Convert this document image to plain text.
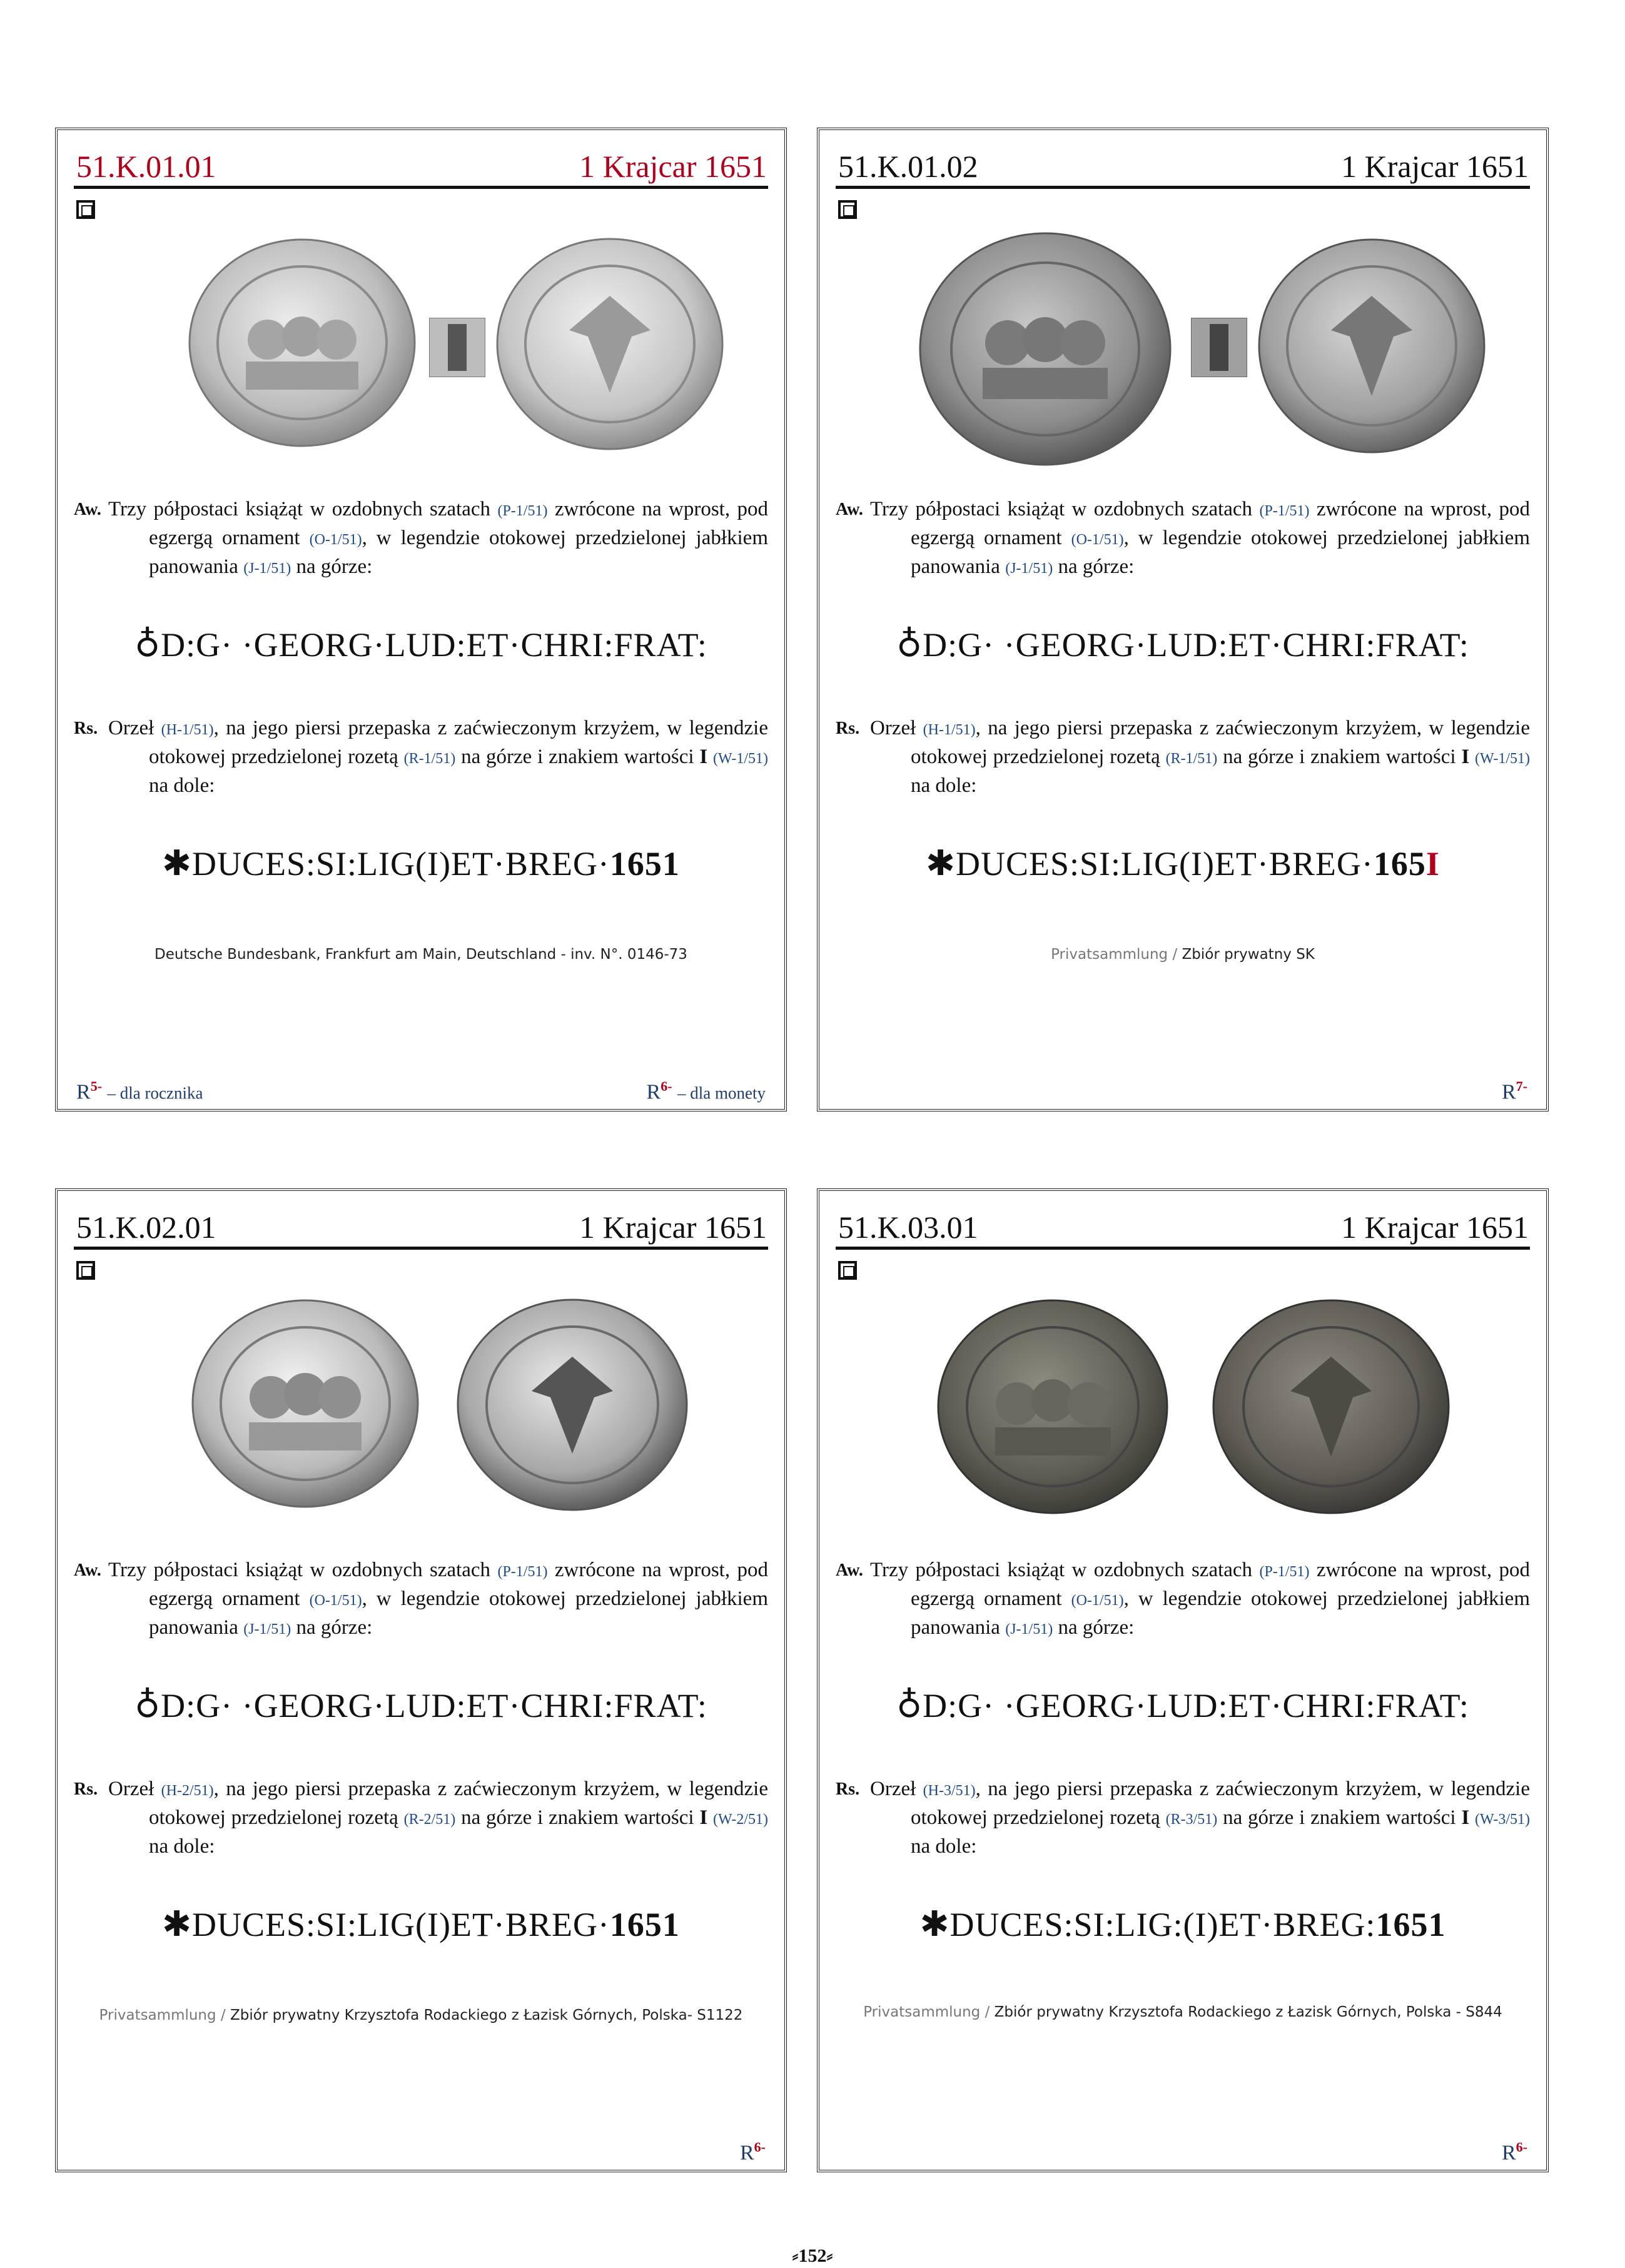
51.K.01.01	1 Krajcar 1651
Aw. Trzy półpostaci książąt w ozdobnych szatach (P-1/51) zwrócone na wprost, pod egzergą ornament (O-1/51), w legendzie otokowej przedzielonej jabłkiem panowania (J-1/51) na górze:
♁D:G· ·GEORG·LUD:ET·CHRI:FRAT:
Rs. Orzeł (H-1/51), na jego piersi przepaska z zaćwieczonym krzyżem, w legendzie otokowej przedzielonej rozetą (R-1/51) na górze i znakiem wartości I (W-1/51) na dole:
✱DUCES:SI:LIG(I)ET·BREG·1651
Deutsche Bundesbank, Frankfurt am Main, Deutschland - inv. N°. 0146-73
$R^{5-}$ – dla rocznika	$R^{6-}$ – dla monety
51.K.01.02	1 Krajcar 1651
Aw. Trzy półpostaci książąt w ozdobnych szatach (P-1/51) zwrócone na wprost, pod egzergą ornament (O-1/51), w legendzie otokowej przedzielonej jabłkiem panowania (J-1/51) na górze:
♁D:G· ·GEORG·LUD:ET·CHRI:FRAT:
Rs. Orzeł (H-1/51), na jego piersi przepaska z zaćwieczonym krzyżem, w legendzie otokowej przedzielonej rozetą (R-1/51) na górze i znakiem wartości I (W-1/51) na dole:
✱DUCES:SI:LIG(I)ET·BREG·165I
Privatsammlung / Zbiór prywatny SK
$R^{7-}$
51.K.02.01	1 Krajcar 1651
Aw. Trzy półpostaci książąt w ozdobnych szatach (P-1/51) zwrócone na wprost, pod egzergą ornament (O-1/51), w legendzie otokowej przedzielonej jabłkiem panowania (J-1/51) na górze:
♁D:G· ·GEORG·LUD:ET·CHRI:FRAT:
Rs. Orzeł (H-2/51), na jego piersi przepaska z zaćwieczonym krzyżem, w legendzie otokowej przedzielonej rozetą (R-2/51) na górze i znakiem wartości I (W-2/51) na dole:
✱DUCES:SI:LIG(I)ET·BREG·1651
Privatsammlung / Zbiór prywatny Krzysztofa Rodackiego z Łazisk Górnych, Polska- S1122
$R^{6-}$
51.K.03.01	1 Krajcar 1651
Aw. Trzy półpostaci książąt w ozdobnych szatach (P-1/51) zwrócone na wprost, pod egzergą ornament (O-1/51), w legendzie otokowej przedzielonej jabłkiem panowania (J-1/51) na górze:
♁D:G· ·GEORG·LUD:ET·CHRI:FRAT:
Rs. Orzeł (H-3/51), na jego piersi przepaska z zaćwieczonym krzyżem, w legendzie otokowej przedzielonej rozetą (R-3/51) na górze i znakiem wartości I (W-3/51) na dole:
✱DUCES:SI:LIG:(I)ET·BREG:1651
Privatsammlung / Zbiór prywatny Krzysztofa Rodackiego z Łazisk Górnych, Polska - S844
$R^{6-}$
⸗152⸗
